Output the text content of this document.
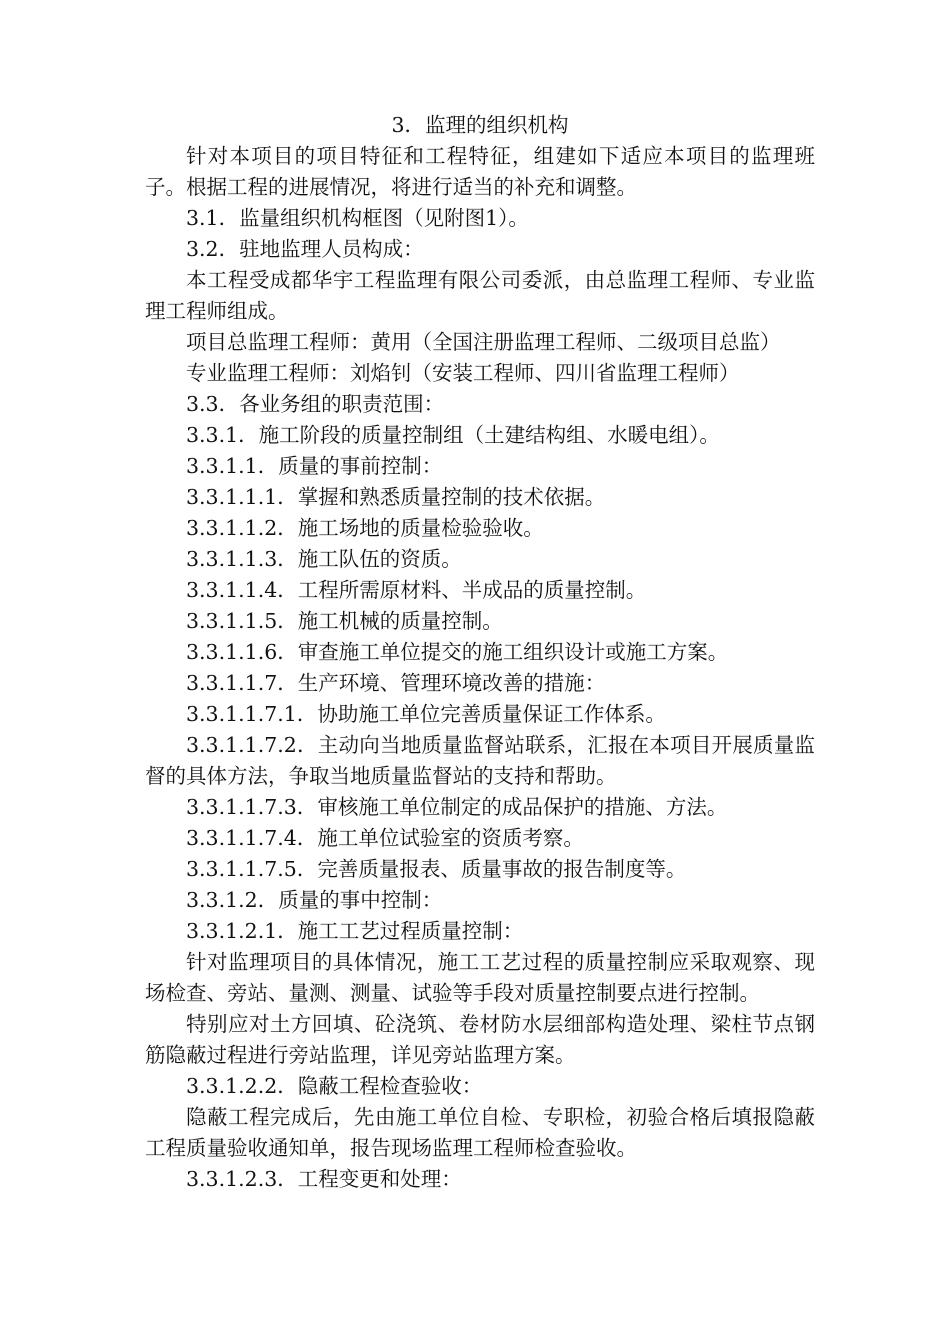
3．监理的组织机构

针对本项目的项目特征和工程特征，组建如下适应本项目的监理班子。根据工程的进展情况，将进行适当的补充和调整。

3.1．监量组织机构框图（见附图1）。

3.2．驻地监理人员构成：

本工程受成都华宇工程监理有限公司委派，由总监理工程师、专业监理工程师组成。

项目总监理工程师：黄用（全国注册监理工程师、二级项目总监）

专业监理工程师：刘焰钊（安装工程师、四川省监理工程师）

3.3．各业务组的职责范围：

3.3.1．施工阶段的质量控制组（土建结构组、水暖电组）。

3.3.1.1．质量的事前控制：

3.3.1.1.1．掌握和熟悉质量控制的技术依据。

3.3.1.1.2．施工场地的质量检验验收。

3.3.1.1.3．施工队伍的资质。

3.3.1.1.4．工程所需原材料、半成品的质量控制。

3.3.1.1.5．施工机械的质量控制。

3.3.1.1.6．审查施工单位提交的施工组织设计或施工方案。

3.3.1.1.7．生产环境、管理环境改善的措施：

3.3.1.1.7.1．协助施工单位完善质量保证工作体系。

3.3.1.1.7.2．主动向当地质量监督站联系，汇报在本项目开展质量监督的具体方法，争取当地质量监督站的支持和帮助。

3.3.1.1.7.3．审核施工单位制定的成品保护的措施、方法。

3.3.1.1.7.4．施工单位试验室的资质考察。

3.3.1.1.7.5．完善质量报表、质量事故的报告制度等。

3.3.1.2．质量的事中控制：

3.3.1.2.1．施工工艺过程质量控制：

针对监理项目的具体情况，施工工艺过程的质量控制应采取观察、现场检查、旁站、量测、测量、试验等手段对质量控制要点进行控制。

特别应对土方回填、砼浇筑、卷材防水层细部构造处理、梁柱节点钢筋隐蔽过程进行旁站监理，详见旁站监理方案。

3.3.1.2.2．隐蔽工程检查验收：

隐蔽工程完成后，先由施工单位自检、专职检，初验合格后填报隐蔽工程质量验收通知单，报告现场监理工程师检查验收。

3.3.1.2.3．工程变更和处理：
